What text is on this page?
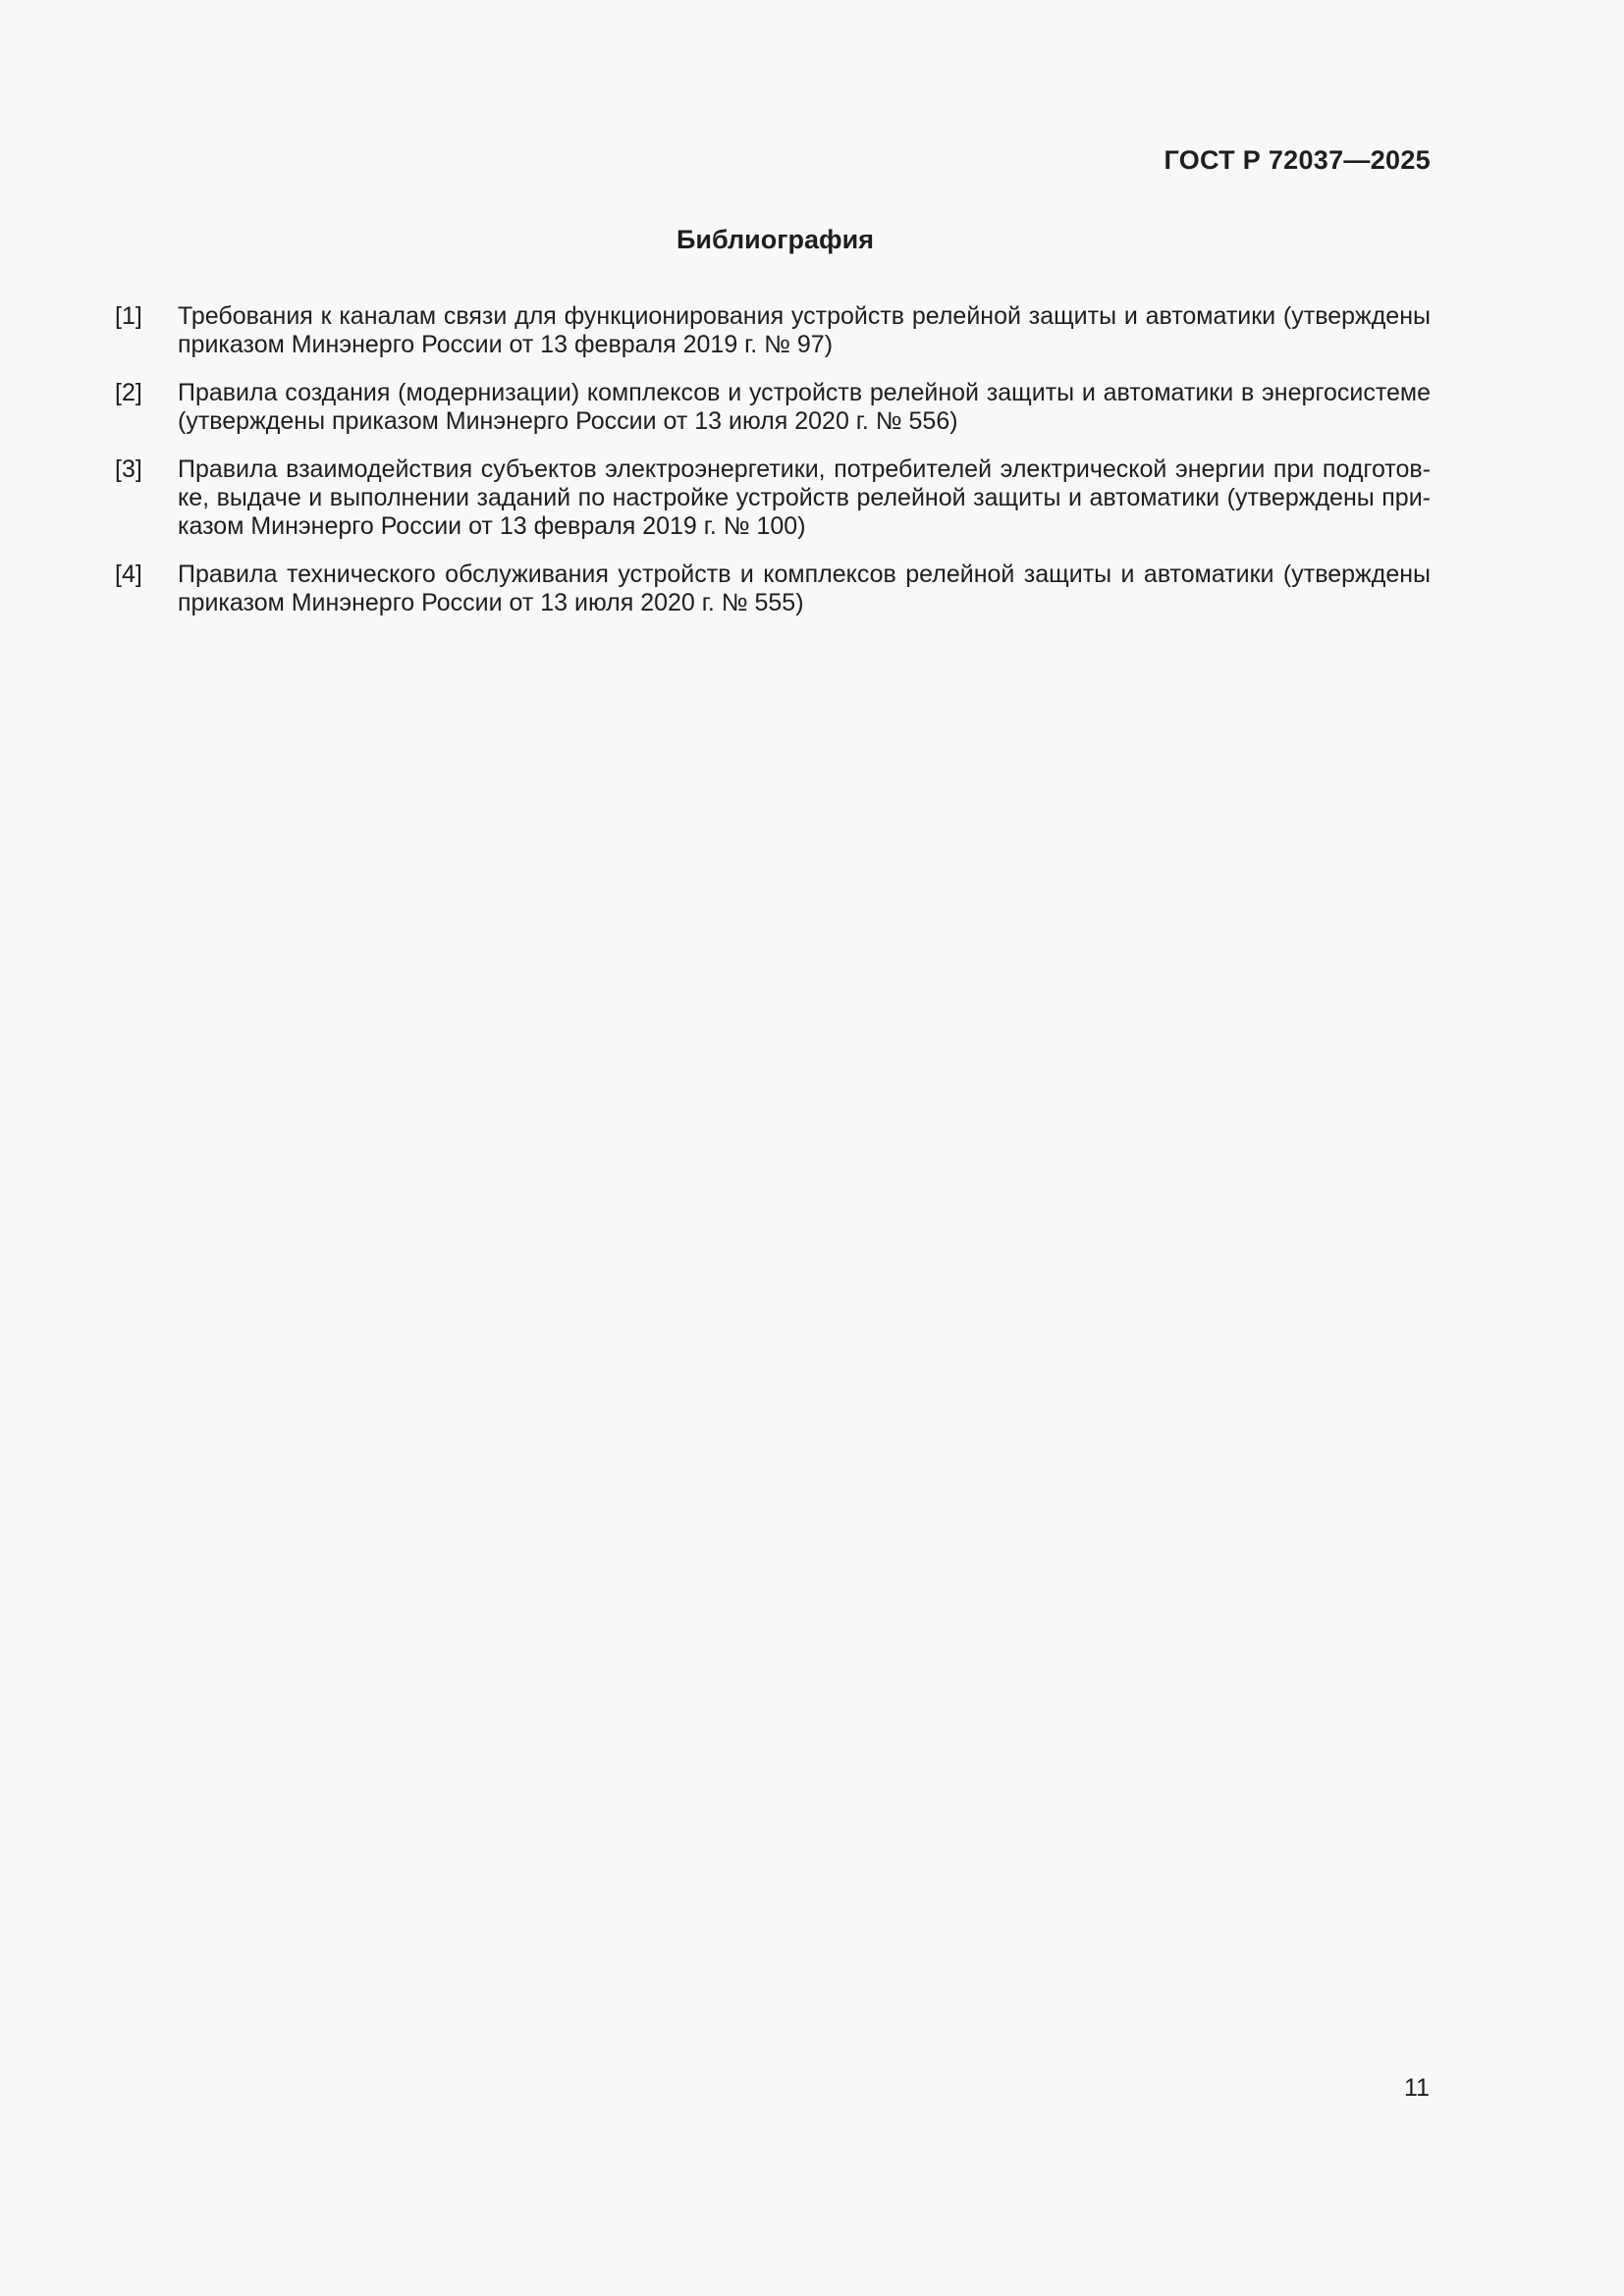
ГОСТ Р 72037—2025
Библиография
[1] Требования к каналам связи для функционирования устройств релейной защиты и автоматики (утверждены приказом Минэнерго России от 13 февраля 2019 г. № 97)
[2] Правила создания (модернизации) комплексов и устройств релейной защиты и автоматики в энергосистеме (утверждены приказом Минэнерго России от 13 июля 2020 г. № 556)
[3] Правила взаимодействия субъектов электроэнергетики, потребителей электрической энергии при подготовке, выдаче и выполнении заданий по настройке устройств релейной защиты и автоматики (утверждены приказом Минэнерго России от 13 февраля 2019 г. № 100)
[4] Правила технического обслуживания устройств и комплексов релейной защиты и автоматики (утверждены приказом Минэнерго России от 13 июля 2020 г. № 555)
11
